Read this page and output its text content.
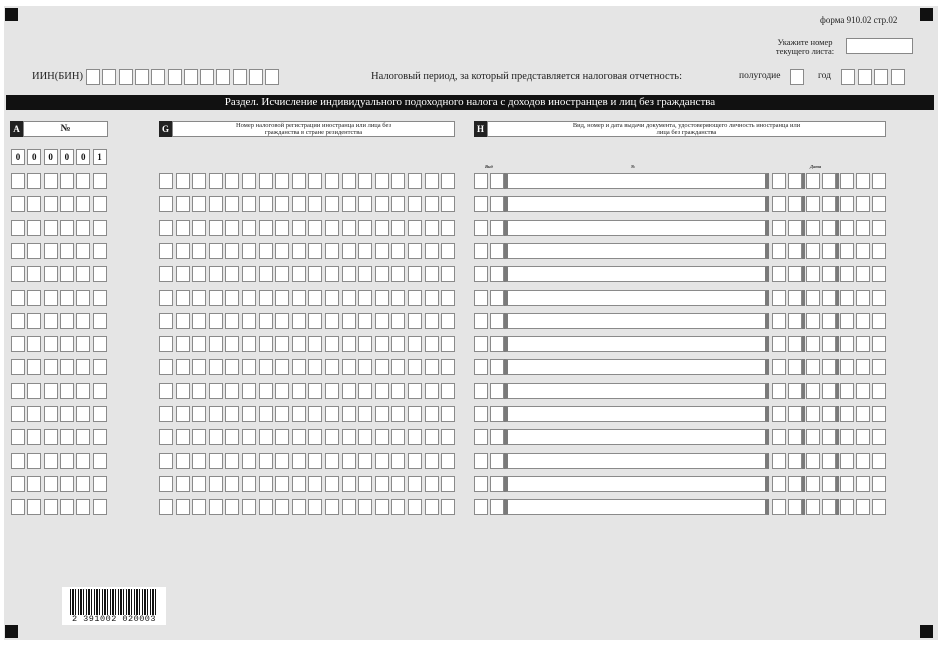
форма 910.02 стр.02
Укажите номер текущего листа:
ИИН(БИН)	Налоговый период, за который представляется налоговая отчетность:	полугодие	год
Раздел. Исчисление индивидуального подоходного налога с доходов иностранцев и лиц без гражданства
A	№	G	Номер налоговой регистрации иностранца или лица без гражданства в стране резидентства	H	Вид, номер и дата выдачи документа, удостоверяющего личность иностранца или лица без гражданства
Вид	№	Дата
0	0	0	0	0	1
2 391002 020003
